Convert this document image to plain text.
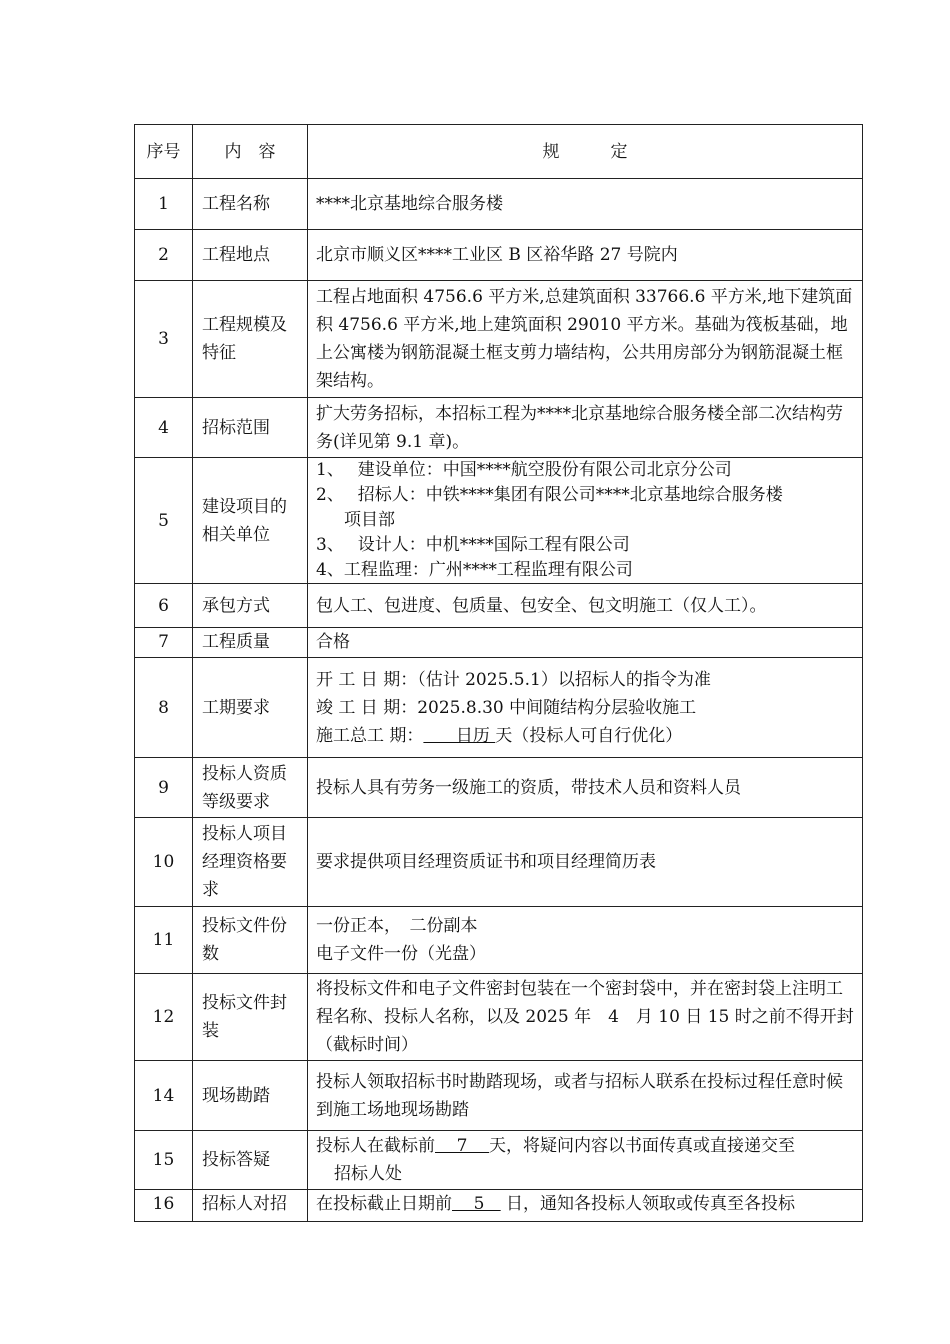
序号	内　容	规　　　定
1	工程名称	****北京基地综合服务楼
2	工程地点	北京市顺义区****工业区 B 区裕华路 27 号院内
3	工程规模及特征	工程占地面积 4756.6 平方米,总建筑面积 33766.6 平方米,地下建筑面积 4756.6 平方米,地上建筑面积 29010 平方米。基础为筏板基础，地上公寓楼为钢筋混凝土框支剪力墙结构，公共用房部分为钢筋混凝土框架结构。
4	招标范围	扩大劳务招标，本招标工程为****北京基地综合服务楼全部二次结构劳务(详见第 9.1 章)。
5	建设项目的相关单位	1、　 建设单位：中国****航空股份有限公司北京分公司
2、　 招标人：中铁****集团有限公司****北京基地综合服务楼
项目部
3、　 设计人：中机****国际工程有限公司
4、工程监理：广州****工程监理有限公司

6	承包方式	包人工、包进度、包质量、包安全、包文明施工（仅人工）。
7	工程质量	合格
8	工期要求	开 工 日 期：（估计 2025.5.1）以招标人的指令为准
竣 工 日 期：2025.8.30 中间随结构分层验收施工
施工总工 期：      日历 天（投标人可自行优化）

9	投标人资质等级要求	投标人具有劳务一级施工的资质，带技术人员和资料人员
10	投标人项目经理资格要求	要求提供项目经理资质证书和项目经理简历表
11	投标文件份数	一份正本，　二份副本
电子文件一份（光盘）

12	投标文件封装	将投标文件和电子文件密封包装在一个密封袋中，并在密封袋上注明工程名称、投标人名称，以及 2025 年　4　月 10 日 15 时之前不得开封（截标时间）
14	现场勘踏	投标人领取招标书时勘踏现场，或者与招标人联系在投标过程任意时候到施工场地现场勘踏
15	投标答疑	投标人在截标前    7    天，将疑问内容以书面传真或直接递交至
招标人处

16	招标人对招	在投标截止日期前    5    日，通知各投标人领取或传真至各投标
